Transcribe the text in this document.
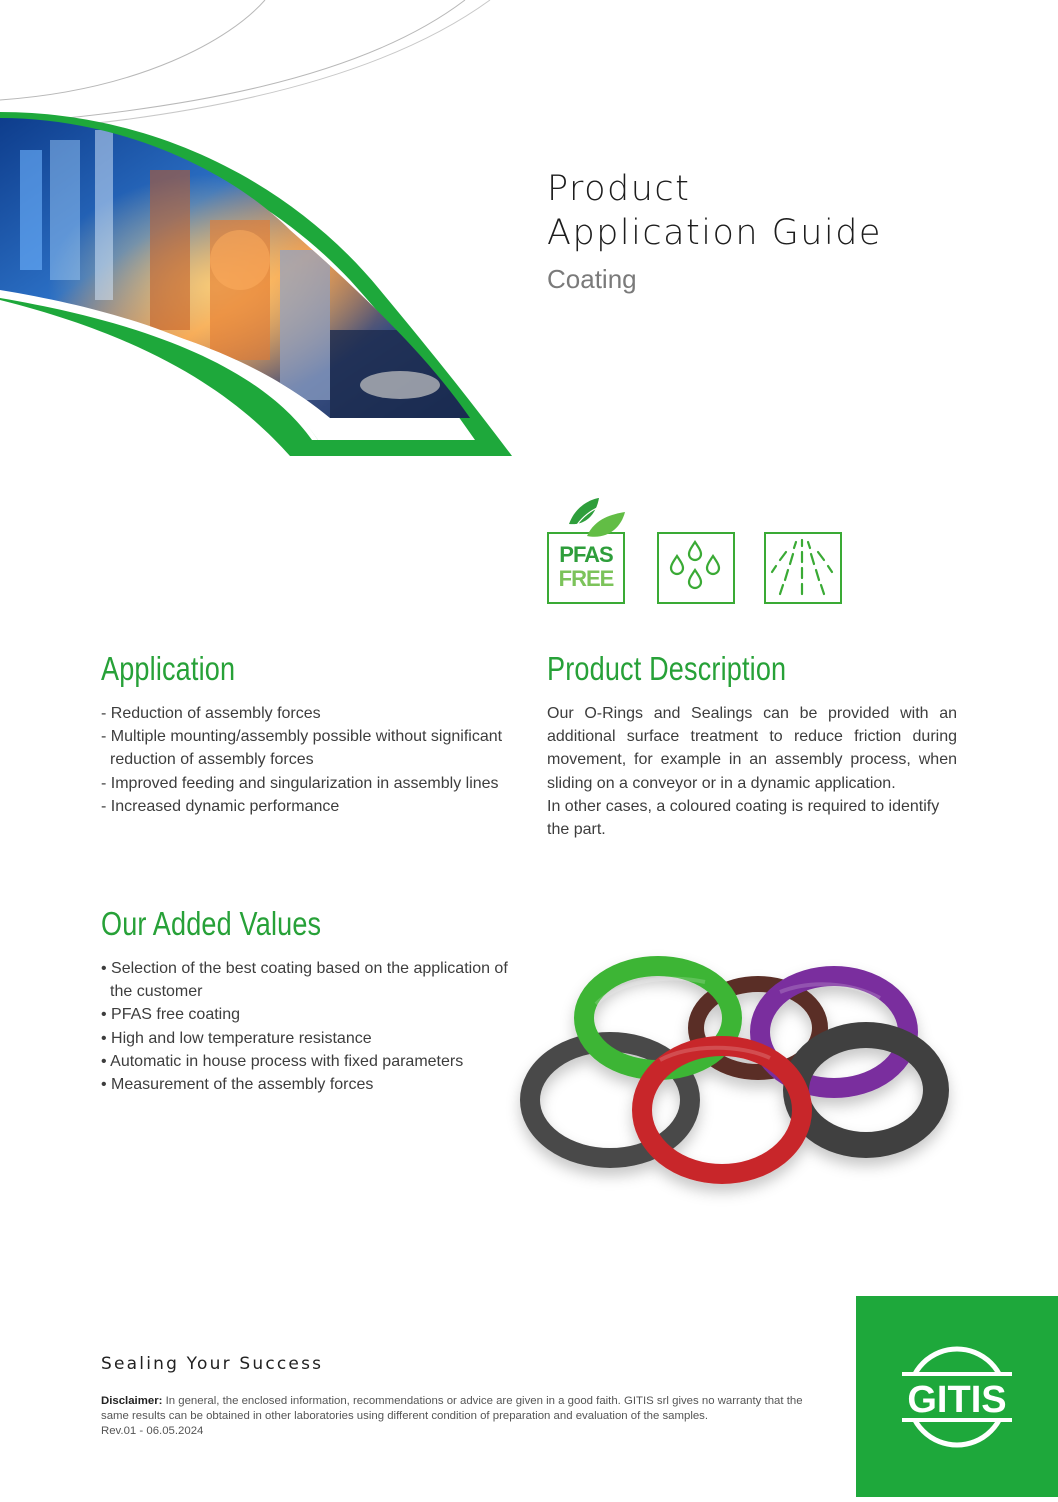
Product
Application Guide
Coating
PFAS
FREE
Application
- Reduction of assembly forces
- Multiple mounting/assembly possible without significant reduction of assembly forces
- Improved feeding and singularization in assembly lines
- Increased dynamic performance
Product Description

Our O-Rings and Sealings can be provided with an additional surface treatment to reduce friction during movement, for example in an assembly process, when sliding on a conveyor or in a dynamic application.

In other cases, a coloured coating is required to identify the part.

Our Added Values
• Selection of the best coating based on the application of the customer
• PFAS free coating
• High and low temperature resistance
• Automatic in house process with fixed parameters
• Measurement of the assembly forces
Sealing Your Success
Disclaimer: In general, the enclosed information, recommendations or advice are given in a good faith. GITIS srl gives no warranty that the same results can be obtained in other laboratories using different condition of preparation and evaluation of the samples.
Rev.01 - 06.05.2024
GITIS
